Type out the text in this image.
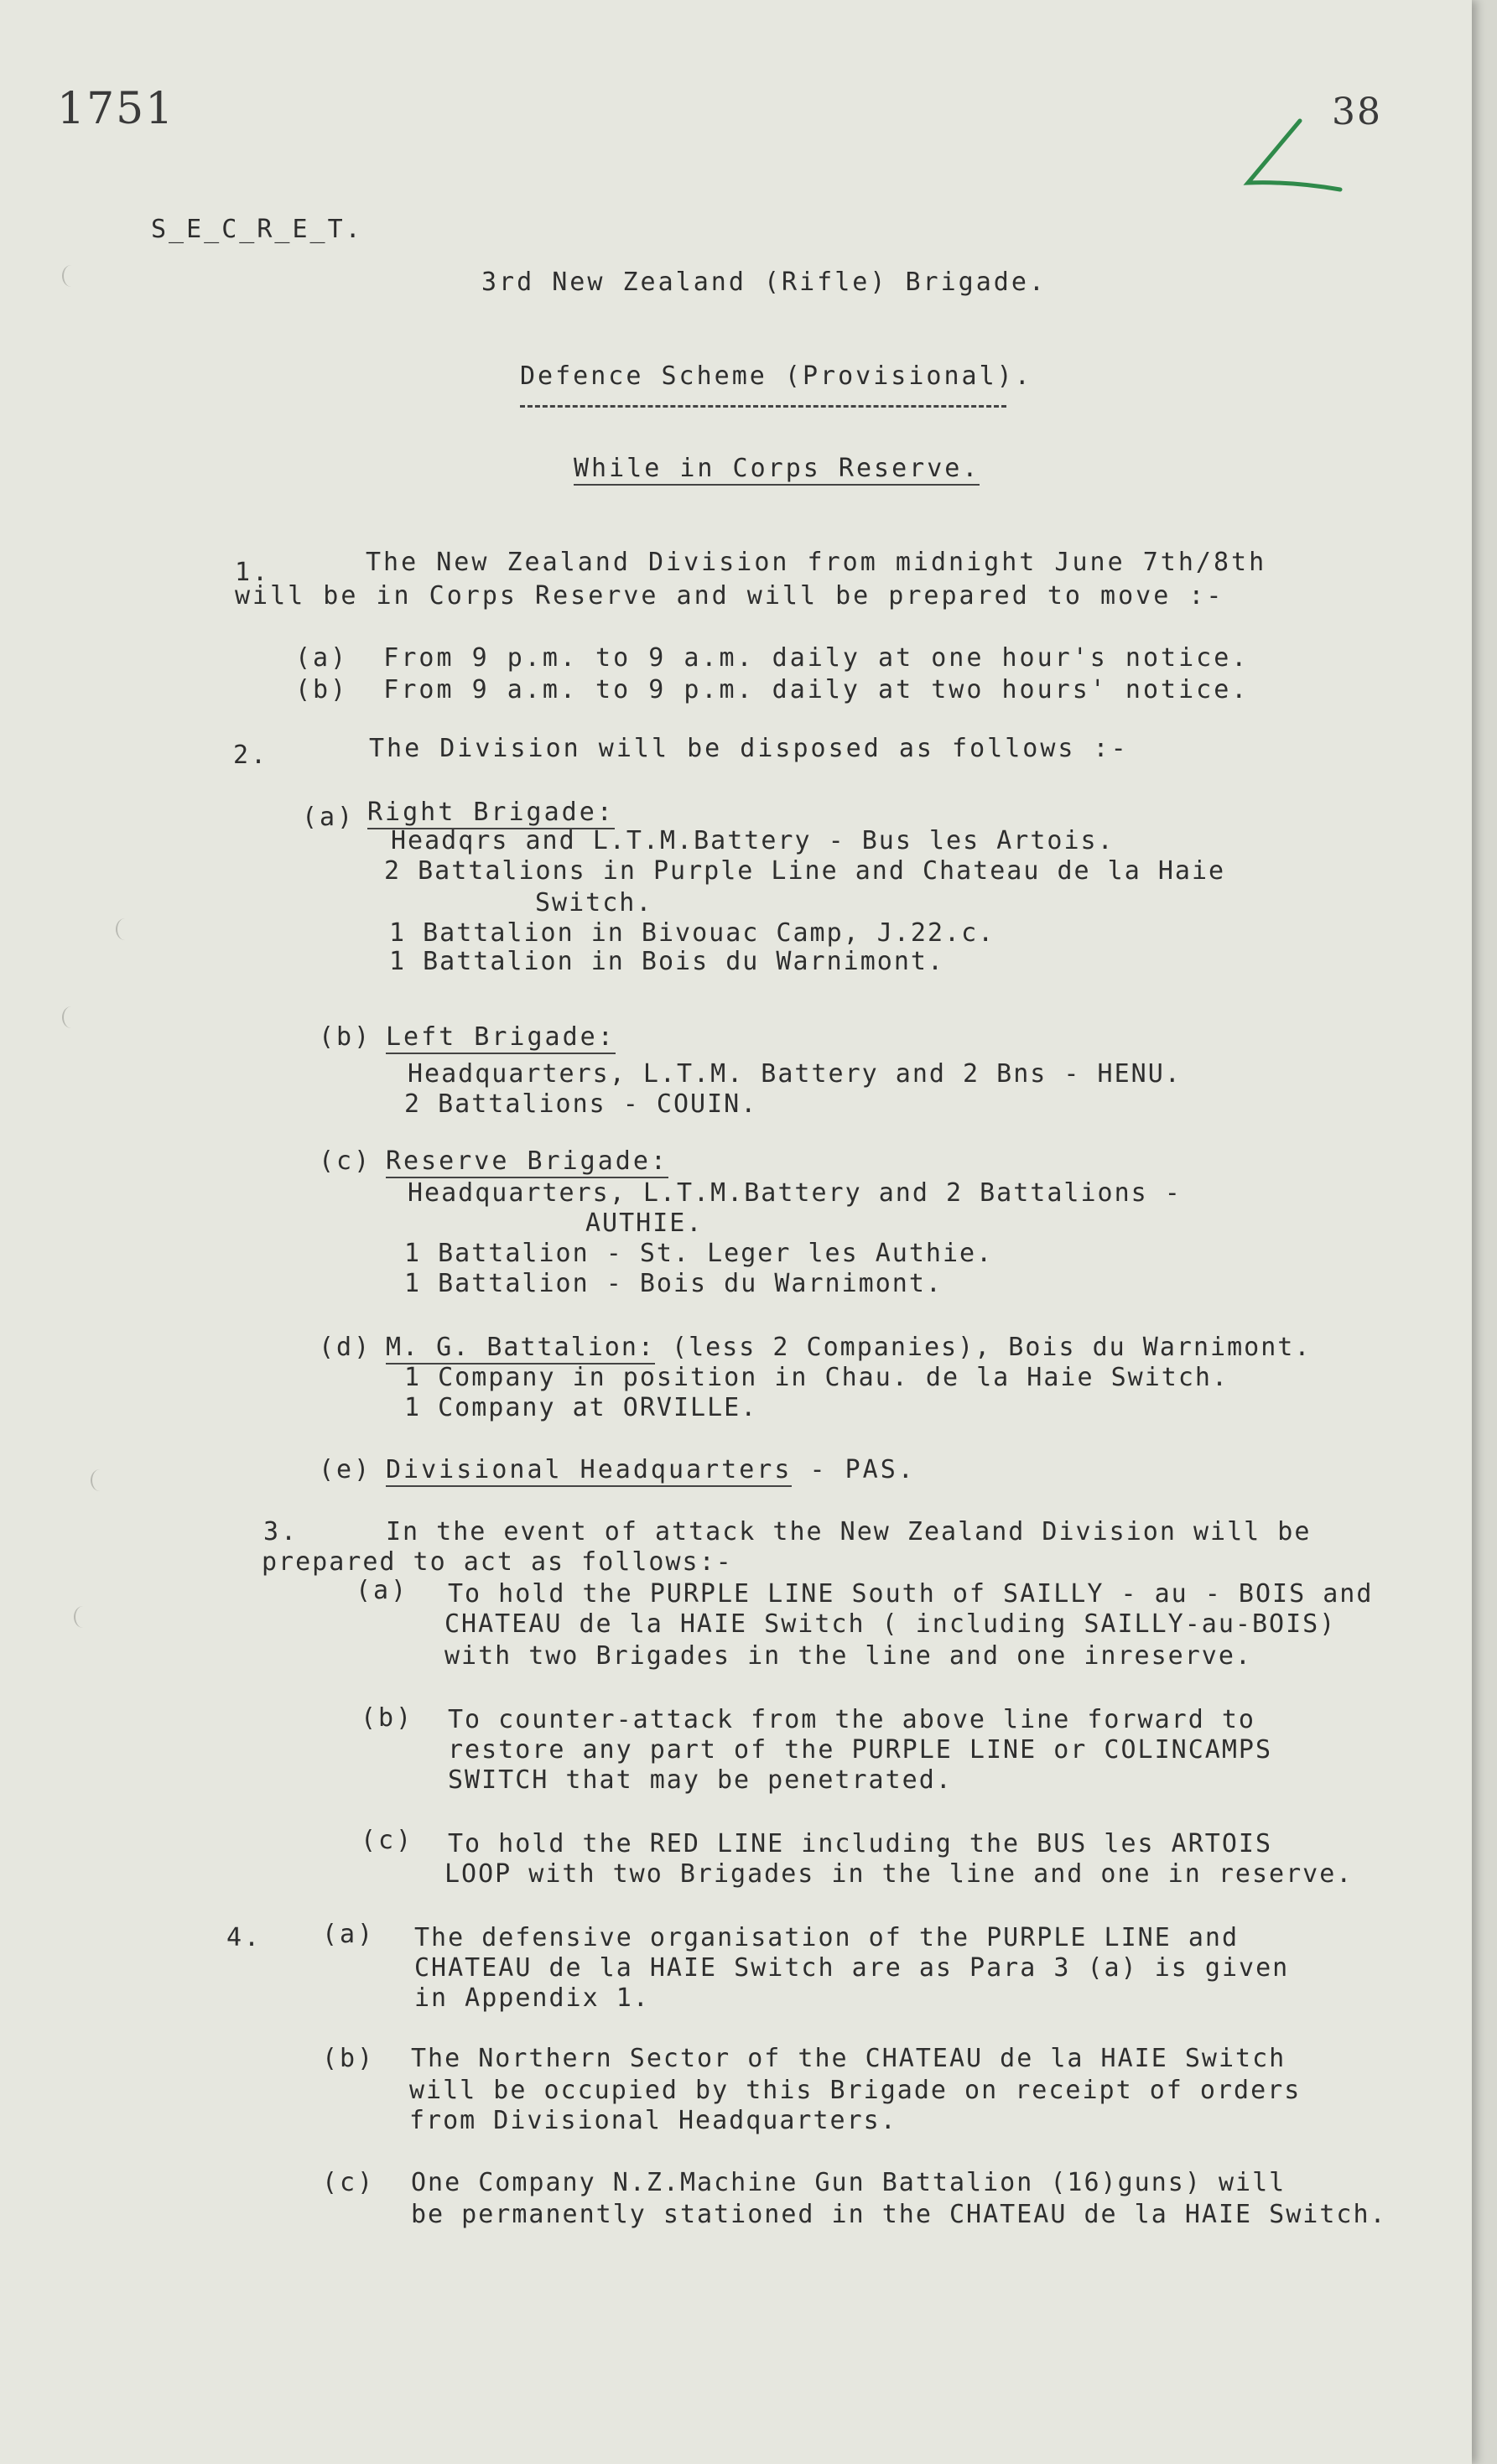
1751	38
S_E_C_R_E_T.
3rd New Zealand (Rifle) Brigade.
Defence Scheme (Provisional).
While in Corps Reserve.
1.	The New Zealand Division from midnight June 7th/8th
will be in Corps Reserve and will be prepared to move :-
(a)  From 9 p.m. to 9 a.m. daily at one hour's notice.
(b)  From 9 a.m. to 9 p.m. daily at two hours' notice.
2.	The Division will be disposed as follows :-
(a) Right Brigade:
Headqrs and L.T.M.Battery - Bus les Artois.
2 Battalions in Purple Line and Chateau de la Haie
Switch.
1 Battalion in Bivouac Camp, J.22.c.
1 Battalion in Bois du Warnimont.
(b) Left Brigade:
Headquarters, L.T.M. Battery and 2 Bns - HENU.
2 Battalions - COUIN.
(c) Reserve Brigade:
Headquarters, L.T.M.Battery and 2 Battalions -
AUTHIE.
1 Battalion - St. Leger les Authie.
1 Battalion - Bois du Warnimont.
(d) M. G. Battalion: (less 2 Companies), Bois du Warnimont.
1 Company in position in Chau. de la Haie Switch.
1 Company at ORVILLE.
(e) Divisional Headquarters - PAS.
3.	In the event of attack the New Zealand Division will be
prepared to act as follows:-
(a) To hold the PURPLE LINE South of SAILLY - au - BOIS and
CHATEAU de la HAIE Switch ( including SAILLY-au-BOIS)
with two Brigades in the line and one inreserve.
(b) To counter-attack from the above line forward to
restore any part of the PURPLE LINE or COLINCAMPS
SWITCH that may be penetrated.
(c) To hold the RED LINE including the BUS les ARTOIS
LOOP with two Brigades in the line and one in reserve.
4. (a) The defensive organisation of the PURPLE LINE and
CHATEAU de la HAIE Switch are as Para 3 (a) is given
in Appendix 1.
(b) The Northern Sector of the CHATEAU de la HAIE Switch
will be occupied by this Brigade on receipt of orders
from Divisional Headquarters.
(c) One Company N.Z.Machine Gun Battalion (16)guns) will
be permanently stationed in the CHATEAU de la HAIE Switch.
